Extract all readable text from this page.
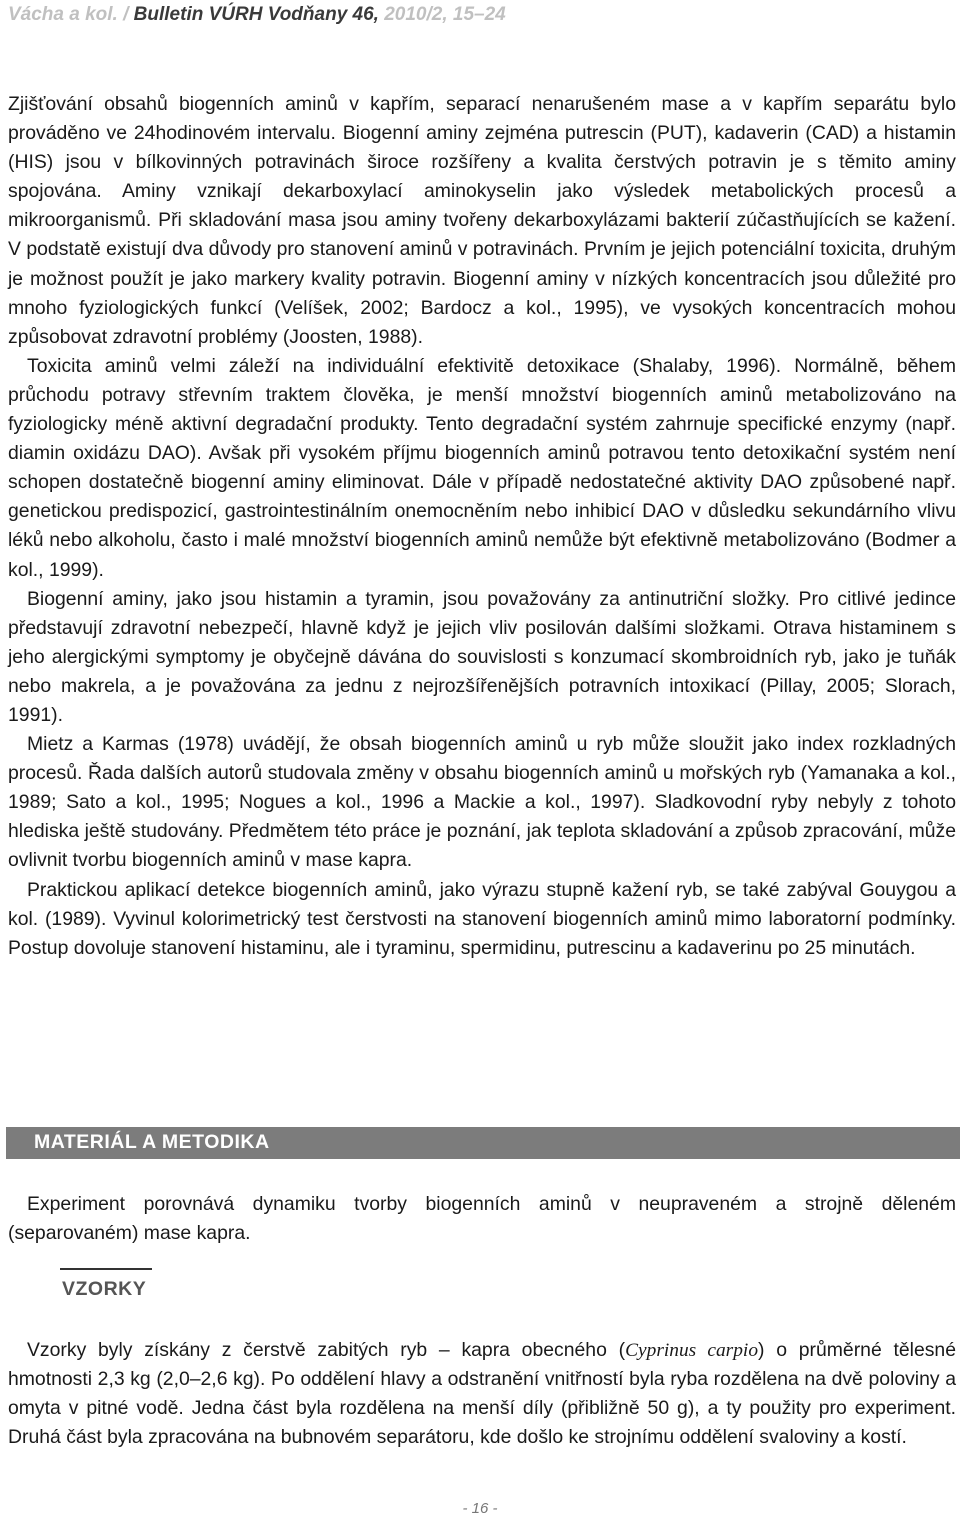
Vácha a kol. / Bulletin VÚRH Vodňany 46, 2010/2, 15–24

Zjišťování obsahů biogenních aminů v kapřím, separací nenarušeném mase a v kapřím separátu bylo prováděno ve 24hodinovém intervalu. Biogenní aminy zejména putrescin (PUT), kadaverin (CAD) a histamin (HIS) jsou v bílkovinných potravinách široce rozšířeny a kvalita čerstvých potravin je s těmito aminy spojována. Aminy vznikají dekarboxylací aminokyselin jako výsledek metabolických procesů a mikroorganismů. Při skladování masa jsou aminy tvořeny dekarboxylázami bakterií zúčastňujících se kažení. V podstatě existují dva důvody pro stanovení aminů v potravinách. Prvním je jejich potenciální toxicita, druhým je možnost použít je jako markery kvality potravin. Biogenní aminy v nízkých koncentracích jsou důležité pro mnoho fyziologických funkcí (Velíšek, 2002; Bardocz a kol., 1995), ve vysokých koncentracích mohou způsobovat zdravotní problémy (Joosten, 1988).

Toxicita aminů velmi záleží na individuální efektivitě detoxikace (Shalaby, 1996). Normálně, během průchodu potravy střevním traktem člověka, je menší množství biogenních aminů metabolizováno na fyziologicky méně aktivní degradační produkty. Tento degradační systém zahrnuje specifické enzymy (např. diamin oxidázu DAO). Avšak při vysokém příjmu biogenních aminů potravou tento detoxikační systém není schopen dostatečně biogenní aminy eliminovat. Dále v případě nedostatečné aktivity DAO způsobené např. genetickou predispozicí, gastrointestinálním onemocněním nebo inhibicí DAO v důsledku sekundárního vlivu léků nebo alkoholu, často i malé množství biogenních aminů nemůže být efektivně metabolizováno (Bodmer a kol., 1999).

Biogenní aminy, jako jsou histamin a tyramin, jsou považovány za antinutriční složky. Pro citlivé jedince představují zdravotní nebezpečí, hlavně když je jejich vliv posilován dalšími složkami. Otrava histaminem s jeho alergickými symptomy je obyčejně dávána do souvislosti s konzumací skombroidních ryb, jako je tuňák nebo makrela, a je považována za jednu z nejrozšířenějších potravních intoxikací (Pillay, 2005; Slorach, 1991).

Mietz a Karmas (1978) uvádějí, že obsah biogenních aminů u ryb může sloužit jako index rozkladných procesů. Řada dalších autorů studovala změny v obsahu biogenních aminů u mořských ryb (Yamanaka a kol., 1989; Sato a kol., 1995; Nogues a kol., 1996 a Mackie a kol., 1997). Sladkovodní ryby nebyly z tohoto hlediska ještě studovány. Předmětem této práce je poznání, jak teplota skladování a způsob zpracování, může ovlivnit tvorbu biogenních aminů v mase kapra.

Praktickou aplikací detekce biogenních aminů, jako výrazu stupně kažení ryb, se také zabýval Gouygou a kol. (1989). Vyvinul kolorimetrický test čerstvosti na stanovení biogenních aminů mimo laboratorní podmínky. Postup dovoluje stanovení histaminu, ale i tyraminu, spermidinu, putrescinu a kadaverinu po 25 minutách.

MATERIÁL A METODIKA

Experiment porovnává dynamiku tvorby biogenních aminů v neupraveném a strojně děleném (separovaném) mase kapra.

VZORKY

Vzorky byly získány z čerstvě zabitých ryb – kapra obecného (Cyprinus carpio) o průměrné tělesné hmotnosti 2,3 kg (2,0–2,6 kg). Po oddělení hlavy a odstranění vnitřností byla ryba rozdělena na dvě poloviny a omyta v pitné vodě. Jedna část byla rozdělena na menší díly (přibližně 50 g), a ty použity pro experiment. Druhá část byla zpracována na bubnovém separátoru, kde došlo ke strojnímu oddělení svaloviny a kostí.

- 16 -
